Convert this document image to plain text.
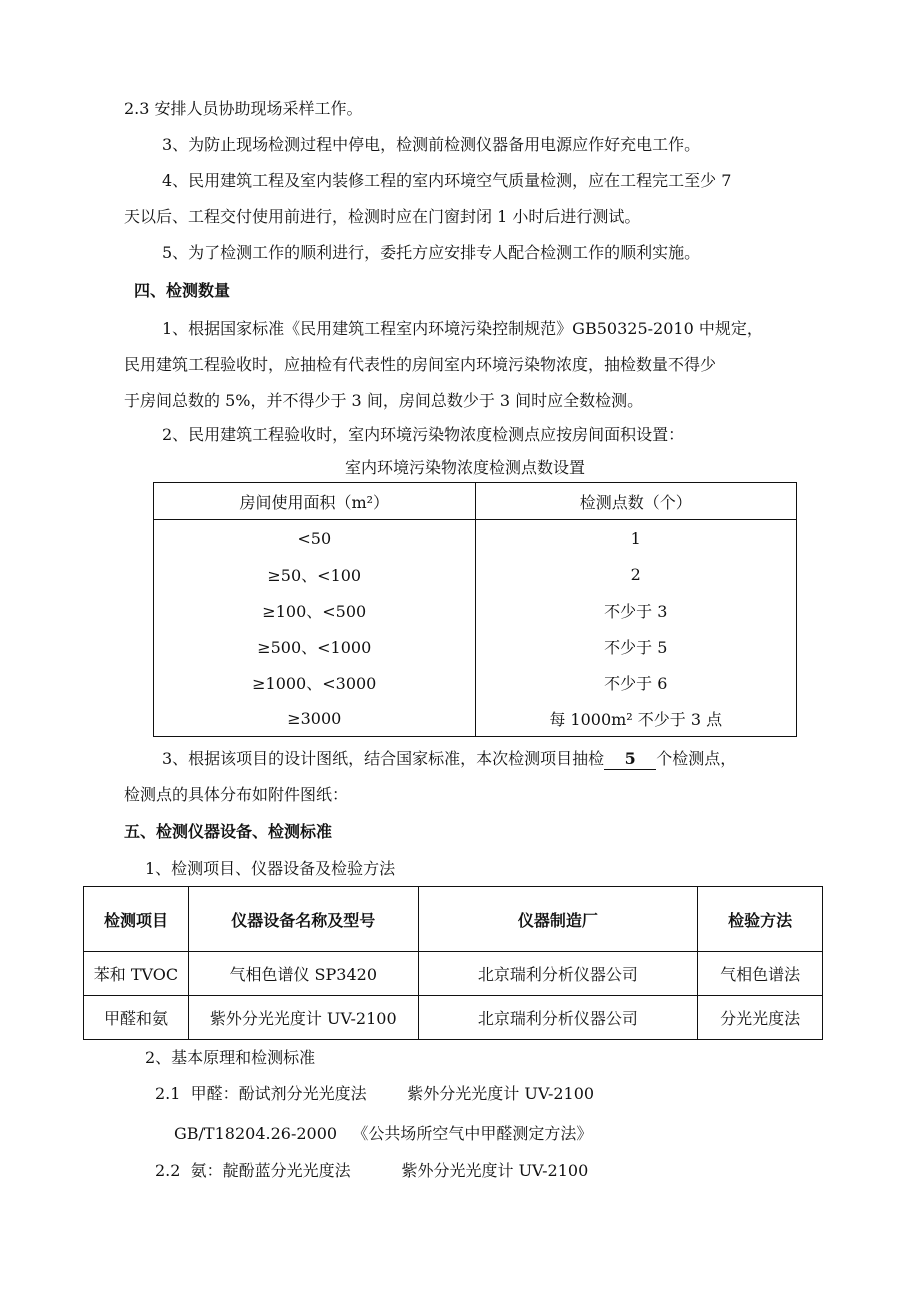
2.3 安排人员协助现场采样工作。
3、为防止现场检测过程中停电，检测前检测仪器备用电源应作好充电工作。
4、民用建筑工程及室内装修工程的室内环境空气质量检测，应在工程完工至少 7
天以后、工程交付使用前进行，检测时应在门窗封闭 1 小时后进行测试。
5、为了检测工作的顺利进行，委托方应安排专人配合检测工作的顺利实施。
四、检测数量
1、根据国家标准《民用建筑工程室内环境污染控制规范》GB50325-2010 中规定，
民用建筑工程验收时，应抽检有代表性的房间室内环境污染物浓度，抽检数量不得少
于房间总数的 5%，并不得少于 3 间，房间总数少于 3 间时应全数检测。
2、民用建筑工程验收时，室内环境污染物浓度检测点应按房间面积设置：
室内环境污染物浓度检测点数设置
房间使用面积（m²）	检测点数（个）
<50	1
≥50、<100	2
≥100、<500	不少于 3
≥500、<1000	不少于 5
≥1000、<3000	不少于 6
≥3000	每 1000m² 不少于 3 点
3、根据该项目的设计图纸，结合国家标准，本次检测项目抽检 5 个检测点，
检测点的具体分布如附件图纸：
五、检测仪器设备、检测标准
1、检测项目、仪器设备及检验方法
检测项目	仪器设备名称及型号	仪器制造厂	检验方法
苯和 TVOC	气相色谱仪 SP3420	北京瑞利分析仪器公司	气相色谱法
甲醛和氨	紫外分光光度计 UV-2100	北京瑞利分析仪器公司	分光光度法
2、基本原理和检测标准
2.1  甲醛：酚试剂分光光度法        紫外分光光度计 UV-2100
GB/T18204.26-2000   《公共场所空气中甲醛测定方法》
2.2  氨：靛酚蓝分光光度法          紫外分光光度计 UV-2100
